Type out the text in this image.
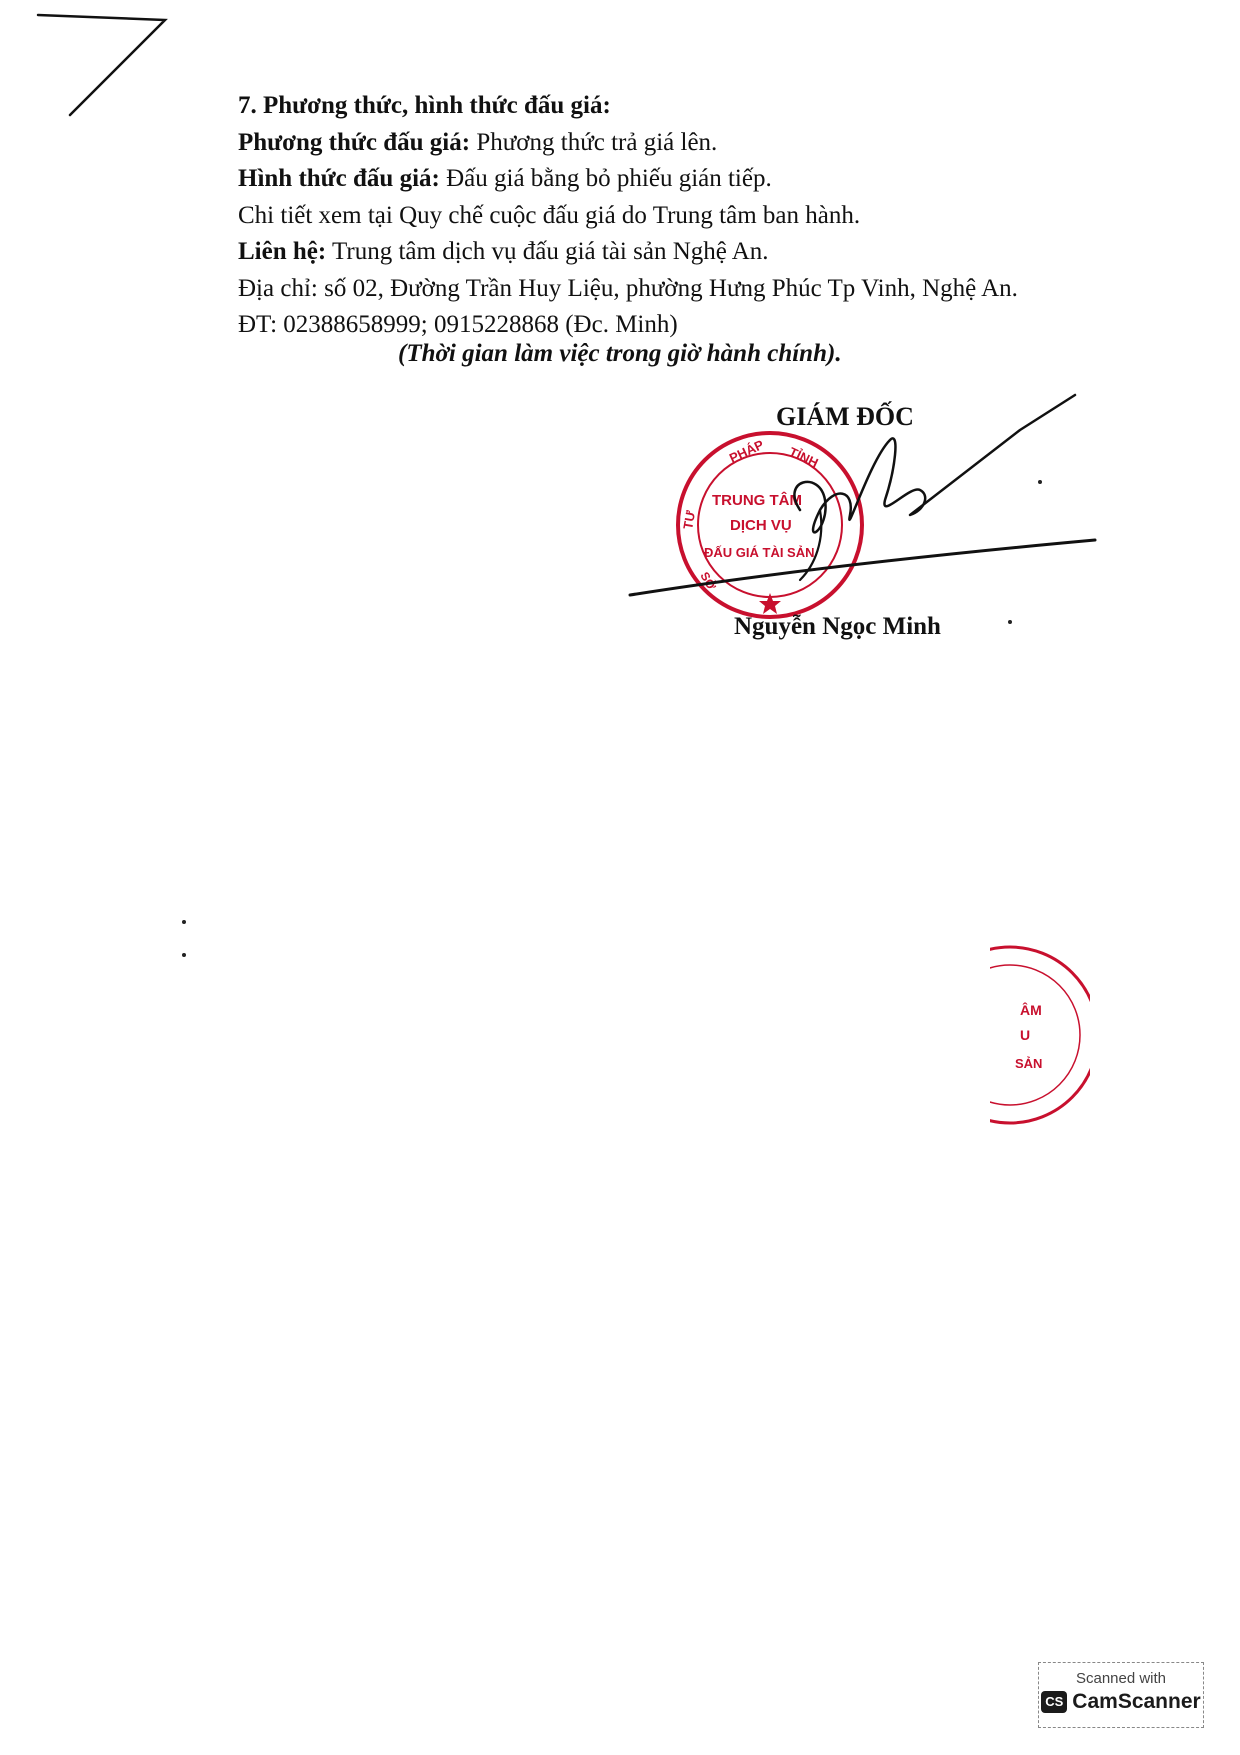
7. Phương thức, hình thức đấu giá:
Phương thức đấu giá: Phương thức trả giá lên.
Hình thức đấu giá: Đấu giá bằng bỏ phiếu gián tiếp.
Chi tiết xem tại Quy chế cuộc đấu giá do Trung tâm ban hành.
Liên hệ: Trung tâm dịch vụ đấu giá tài sản Nghệ An.
Địa chỉ: số 02, Đường Trần Huy Liệu, phường Hưng Phúc Tp Vinh, Nghệ An.
ĐT: 02388658999; 0915228868 (Đc. Minh)
(Thời gian làm việc trong giờ hành chính).
GIÁM ĐỐC
PHÁP TỈNH
TƯ
SỞ
TRUNG TÂM
DỊCH VỤ
ĐẤU GIÁ TÀI SẢN
Nguyễn Ngọc Minh
ÂM
U
SẢN
Scanned with
CS CamScanner
